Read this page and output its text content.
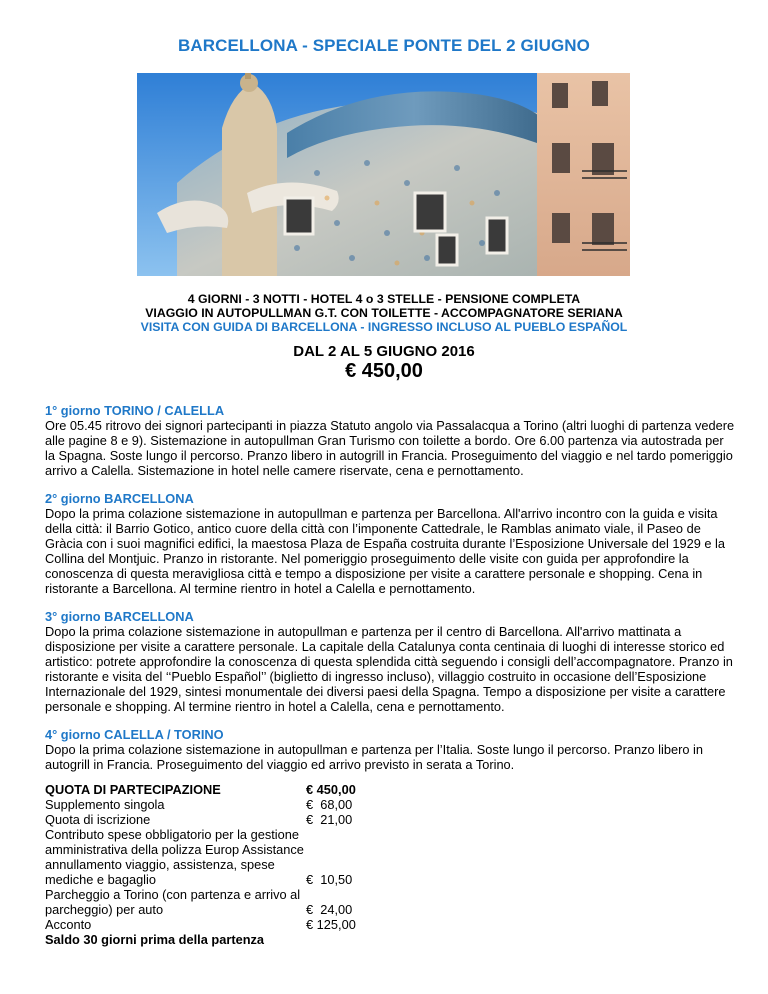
BARCELLONA - SPECIALE PONTE DEL 2 GIUGNO
4 GIORNI - 3 NOTTI - HOTEL 4 o 3 STELLE - PENSIONE COMPLETA
VIAGGIO IN AUTOPULLMAN G.T. CON TOILETTE - ACCOMPAGNATORE SERIANA
VISITA CON GUIDA DI BARCELLONA - INGRESSO INCLUSO AL PUEBLO ESPAÑOL
DAL 2 AL 5 GIUGNO 2016
€ 450,00
1° giorno TORINO / CALELLA

Ore 05.45 ritrovo dei signori partecipanti in piazza Statuto angolo via Passalacqua a Torino (altri luoghi di partenza vedere alle pagine 8 e 9). Sistemazione in autopullman Gran Turismo con toilette a bordo. Ore 6.00 partenza via autostrada per la Spagna. Soste lungo il percorso. Pranzo libero in autogrill in Francia. Proseguimento del viaggio e nel tardo pomeriggio arrivo a Calella. Sistemazione in hotel nelle camere riservate, cena e pernottamento.

2° giorno BARCELLONA

Dopo la prima colazione sistemazione in autopullman e partenza per Barcellona. All'arrivo incontro con la guida e visita della città: il Barrio Gotico, antico cuore della città con l’imponente Cattedrale, le Ramblas animato viale, il Paseo de Gràcia con i suoi magnifici edifici, la maestosa Plaza de España costruita durante l’Esposizione Universale del 1929 e la Collina del Montjuic. Pranzo in ristorante. Nel pomeriggio proseguimento delle visite con guida per approfondire la conoscenza di questa meravigliosa città e tempo a disposizione per visite a carattere personale e shopping. Cena in ristorante a Barcellona. Al termine rientro in hotel a Calella e pernottamento.

3° giorno BARCELLONA

Dopo la prima colazione sistemazione in autopullman e partenza per il centro di Barcellona. All'arrivo mattinata a disposizione per visite a carattere personale. La capitale della Catalunya conta centinaia di luoghi di interesse storico ed artistico: potrete approfondire la conoscenza di questa splendida città seguendo i consigli dell’accompagnatore. Pranzo in ristorante e visita del ‘‘Pueblo Español’’ (biglietto di ingresso incluso), villaggio costruito in occasione dell’Esposizione Internazionale del 1929, sintesi monumentale dei diversi paesi della Spagna. Tempo a disposizione per visite a carattere personale e shopping. Al termine rientro in hotel a Calella, cena e pernottamento.

4° giorno CALELLA / TORINO

Dopo la prima colazione sistemazione in autopullman e partenza per l’Italia. Soste lungo il percorso. Pranzo libero in autogrill in Francia. Proseguimento del viaggio ed arrivo previsto in serata a Torino.

QUOTA DI PARTECIPAZIONE	€ 450,00
Supplemento singola	€  68,00
Quota di iscrizione	€  21,00
Contributo spese obbligatorio per la gestione amministrativa della polizza Europ Assistance annullamento viaggio, assistenza, spese mediche e bagaglio	€  10,50
Parcheggio a Torino (con partenza e arrivo al parcheggio) per auto	€  24,00
Acconto	€ 125,00
Saldo 30 giorni prima della partenza
